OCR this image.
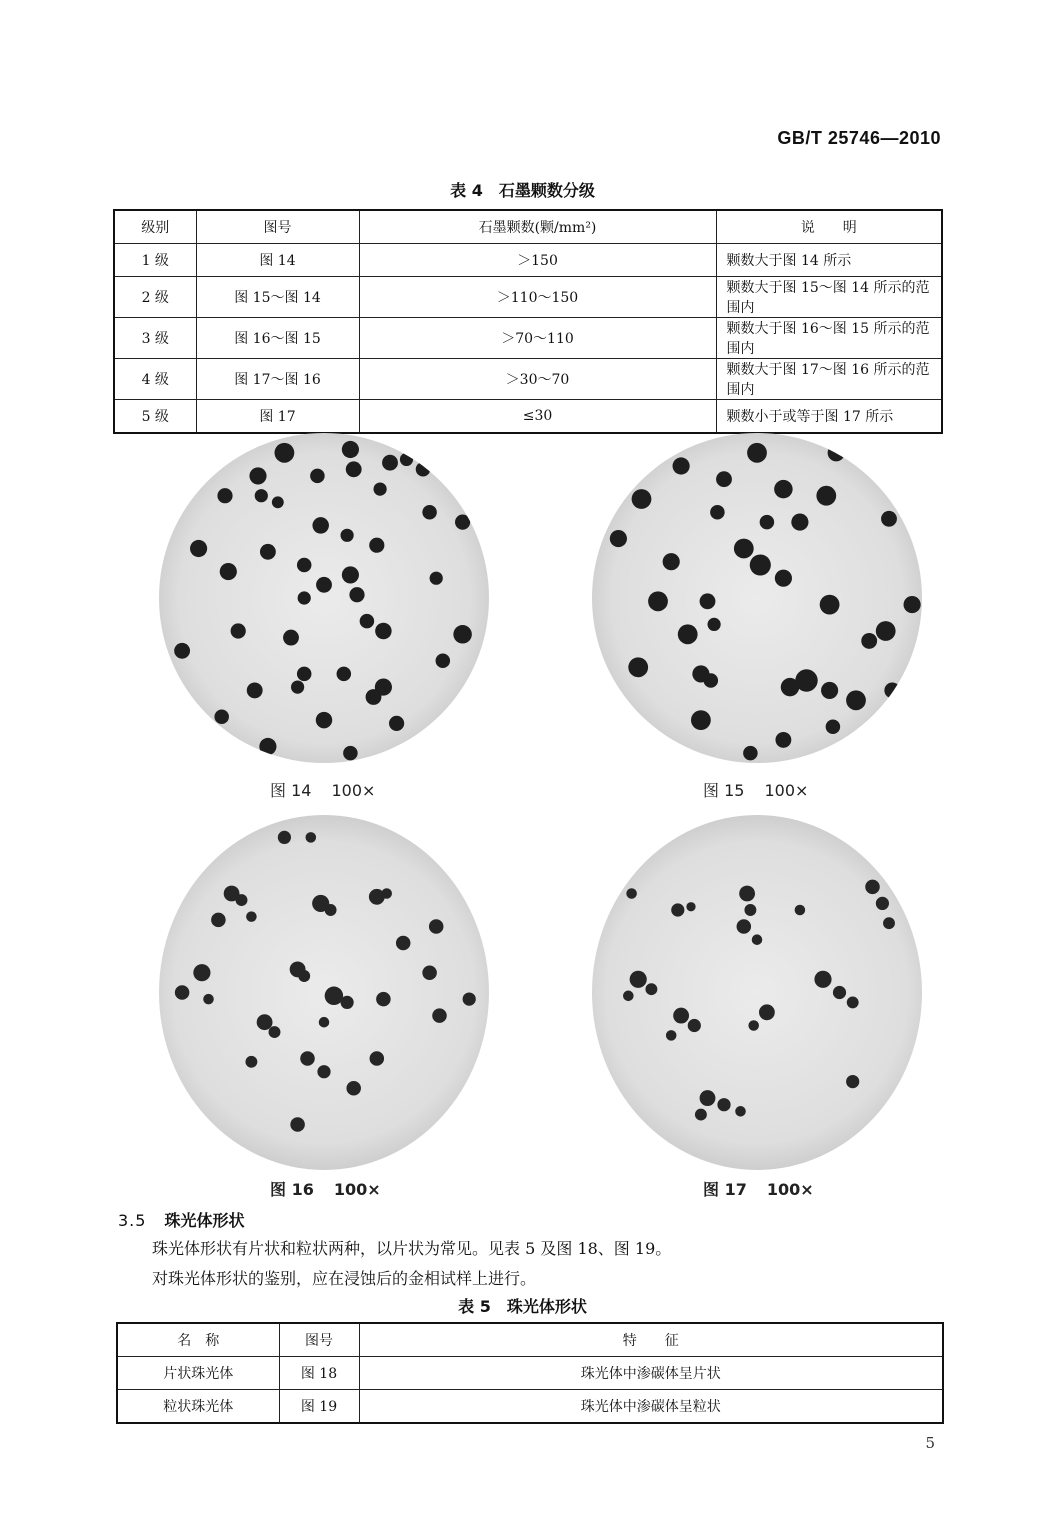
GB/T 25746—2010
表 4　石墨颗数分级
级别	图号	石墨颗数(颗/mm²)	说　　明
1 级	图 14	＞150	颗数大于图 14 所示
2 级	图 15～图 14	＞110～150	颗数大于图 15～图 14 所示的范围内
3 级	图 16～图 15	＞70～110	颗数大于图 16～图 15 所示的范围内
4 级	图 17～图 16	＞30～70	颗数大于图 17～图 16 所示的范围内
5 级	图 17	≤30	颗数小于或等于图 17 所示
图 14 100×	图 15 100×
图 16 100×	图 17 100×
3.5 珠光体形状
珠光体形状有片状和粒状两种，以片状为常见。见表 5 及图 18、图 19。
对珠光体形状的鉴别，应在浸蚀后的金相试样上进行。
表 5　珠光体形状
名　称	图号	特　　征
片状珠光体	图 18	珠光体中渗碳体呈片状
粒状珠光体	图 19	珠光体中渗碳体呈粒状
5
